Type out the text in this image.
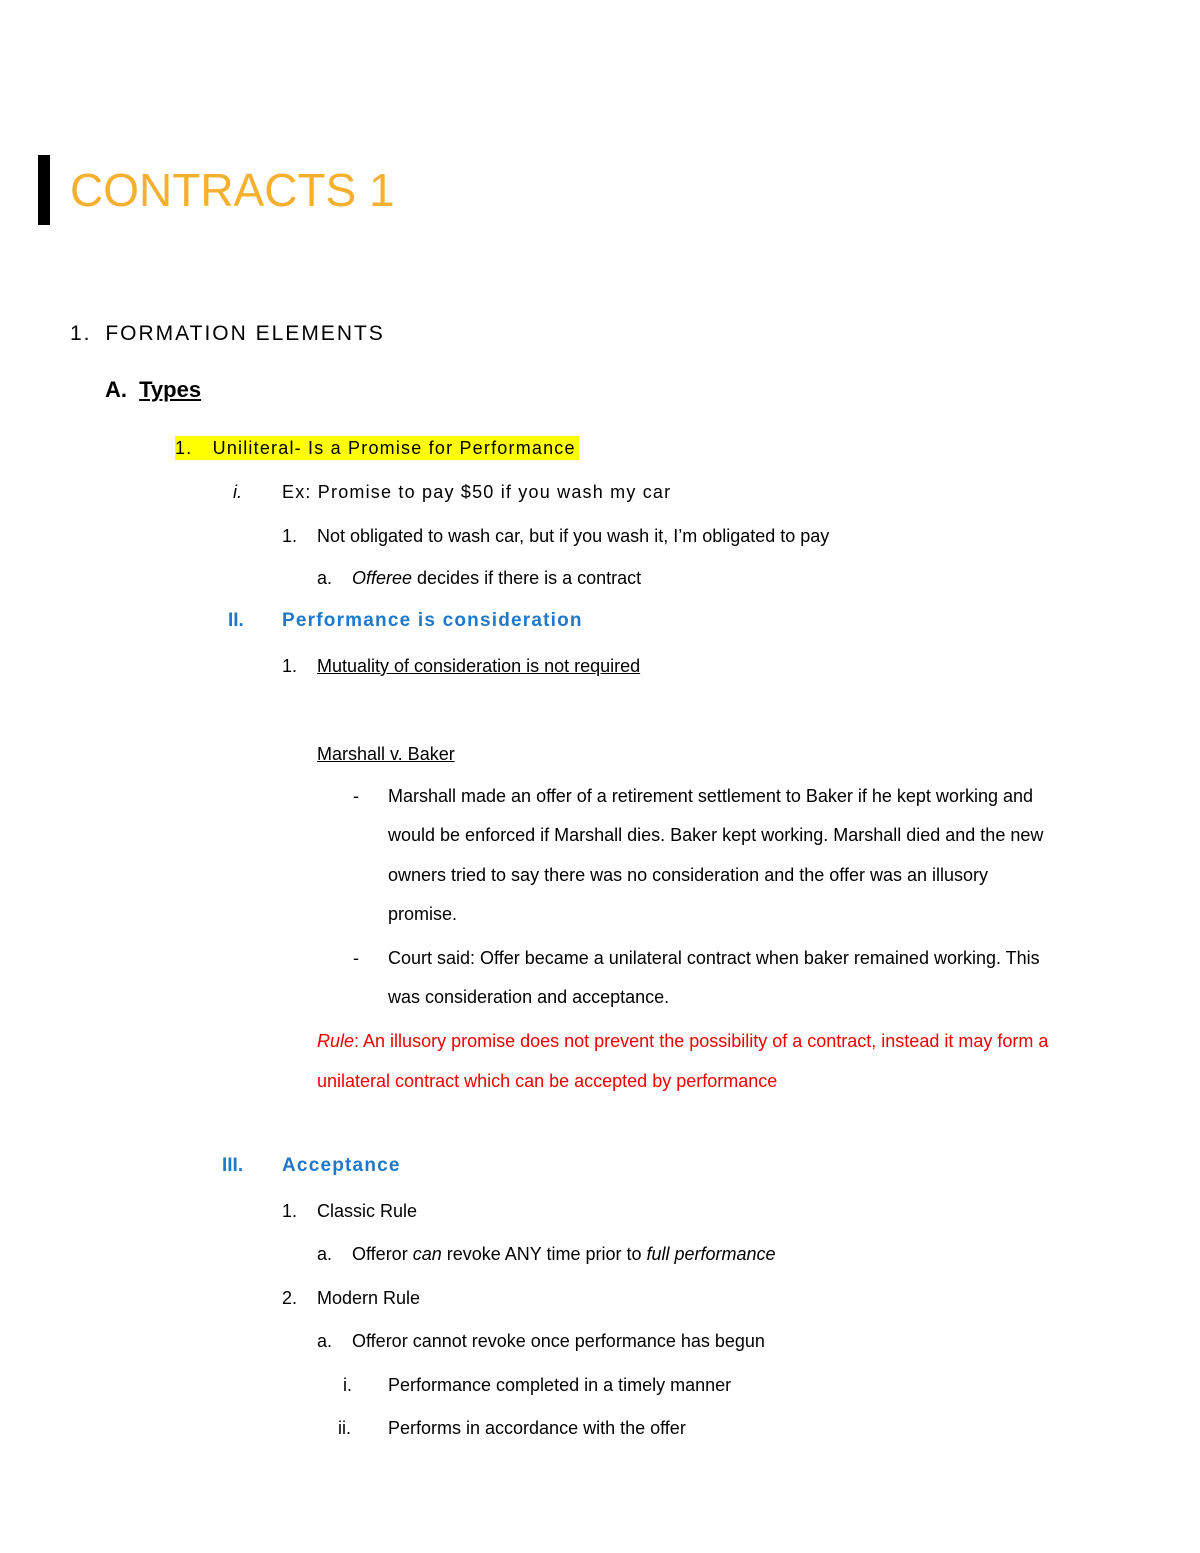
CONTRACTS 1
1. FORMATION ELEMENTS
A. Types
1. Uniliteral- Is a Promise for Performance
i. Ex: Promise to pay $50 if you wash my car
1. Not obligated to wash car, but if you wash it, I’m obligated to pay
a. Offeree decides if there is a contract
II. Performance is consideration
1. Mutuality of consideration is not required
Marshall v. Baker
- Marshall made an offer of a retirement settlement to Baker if he kept working and
would be enforced if Marshall dies. Baker kept working. Marshall died and the new
owners tried to say there was no consideration and the offer was an illusory
promise.
- Court said: Offer became a unilateral contract when baker remained working. This
was consideration and acceptance.
Rule: An illusory promise does not prevent the possibility of a contract, instead it may form a
unilateral contract which can be accepted by performance
III. Acceptance
1. Classic Rule
a. Offeror can revoke ANY time prior to full performance
2. Modern Rule
a. Offeror cannot revoke once performance has begun
i. Performance completed in a timely manner
ii. Performs in accordance with the offer
